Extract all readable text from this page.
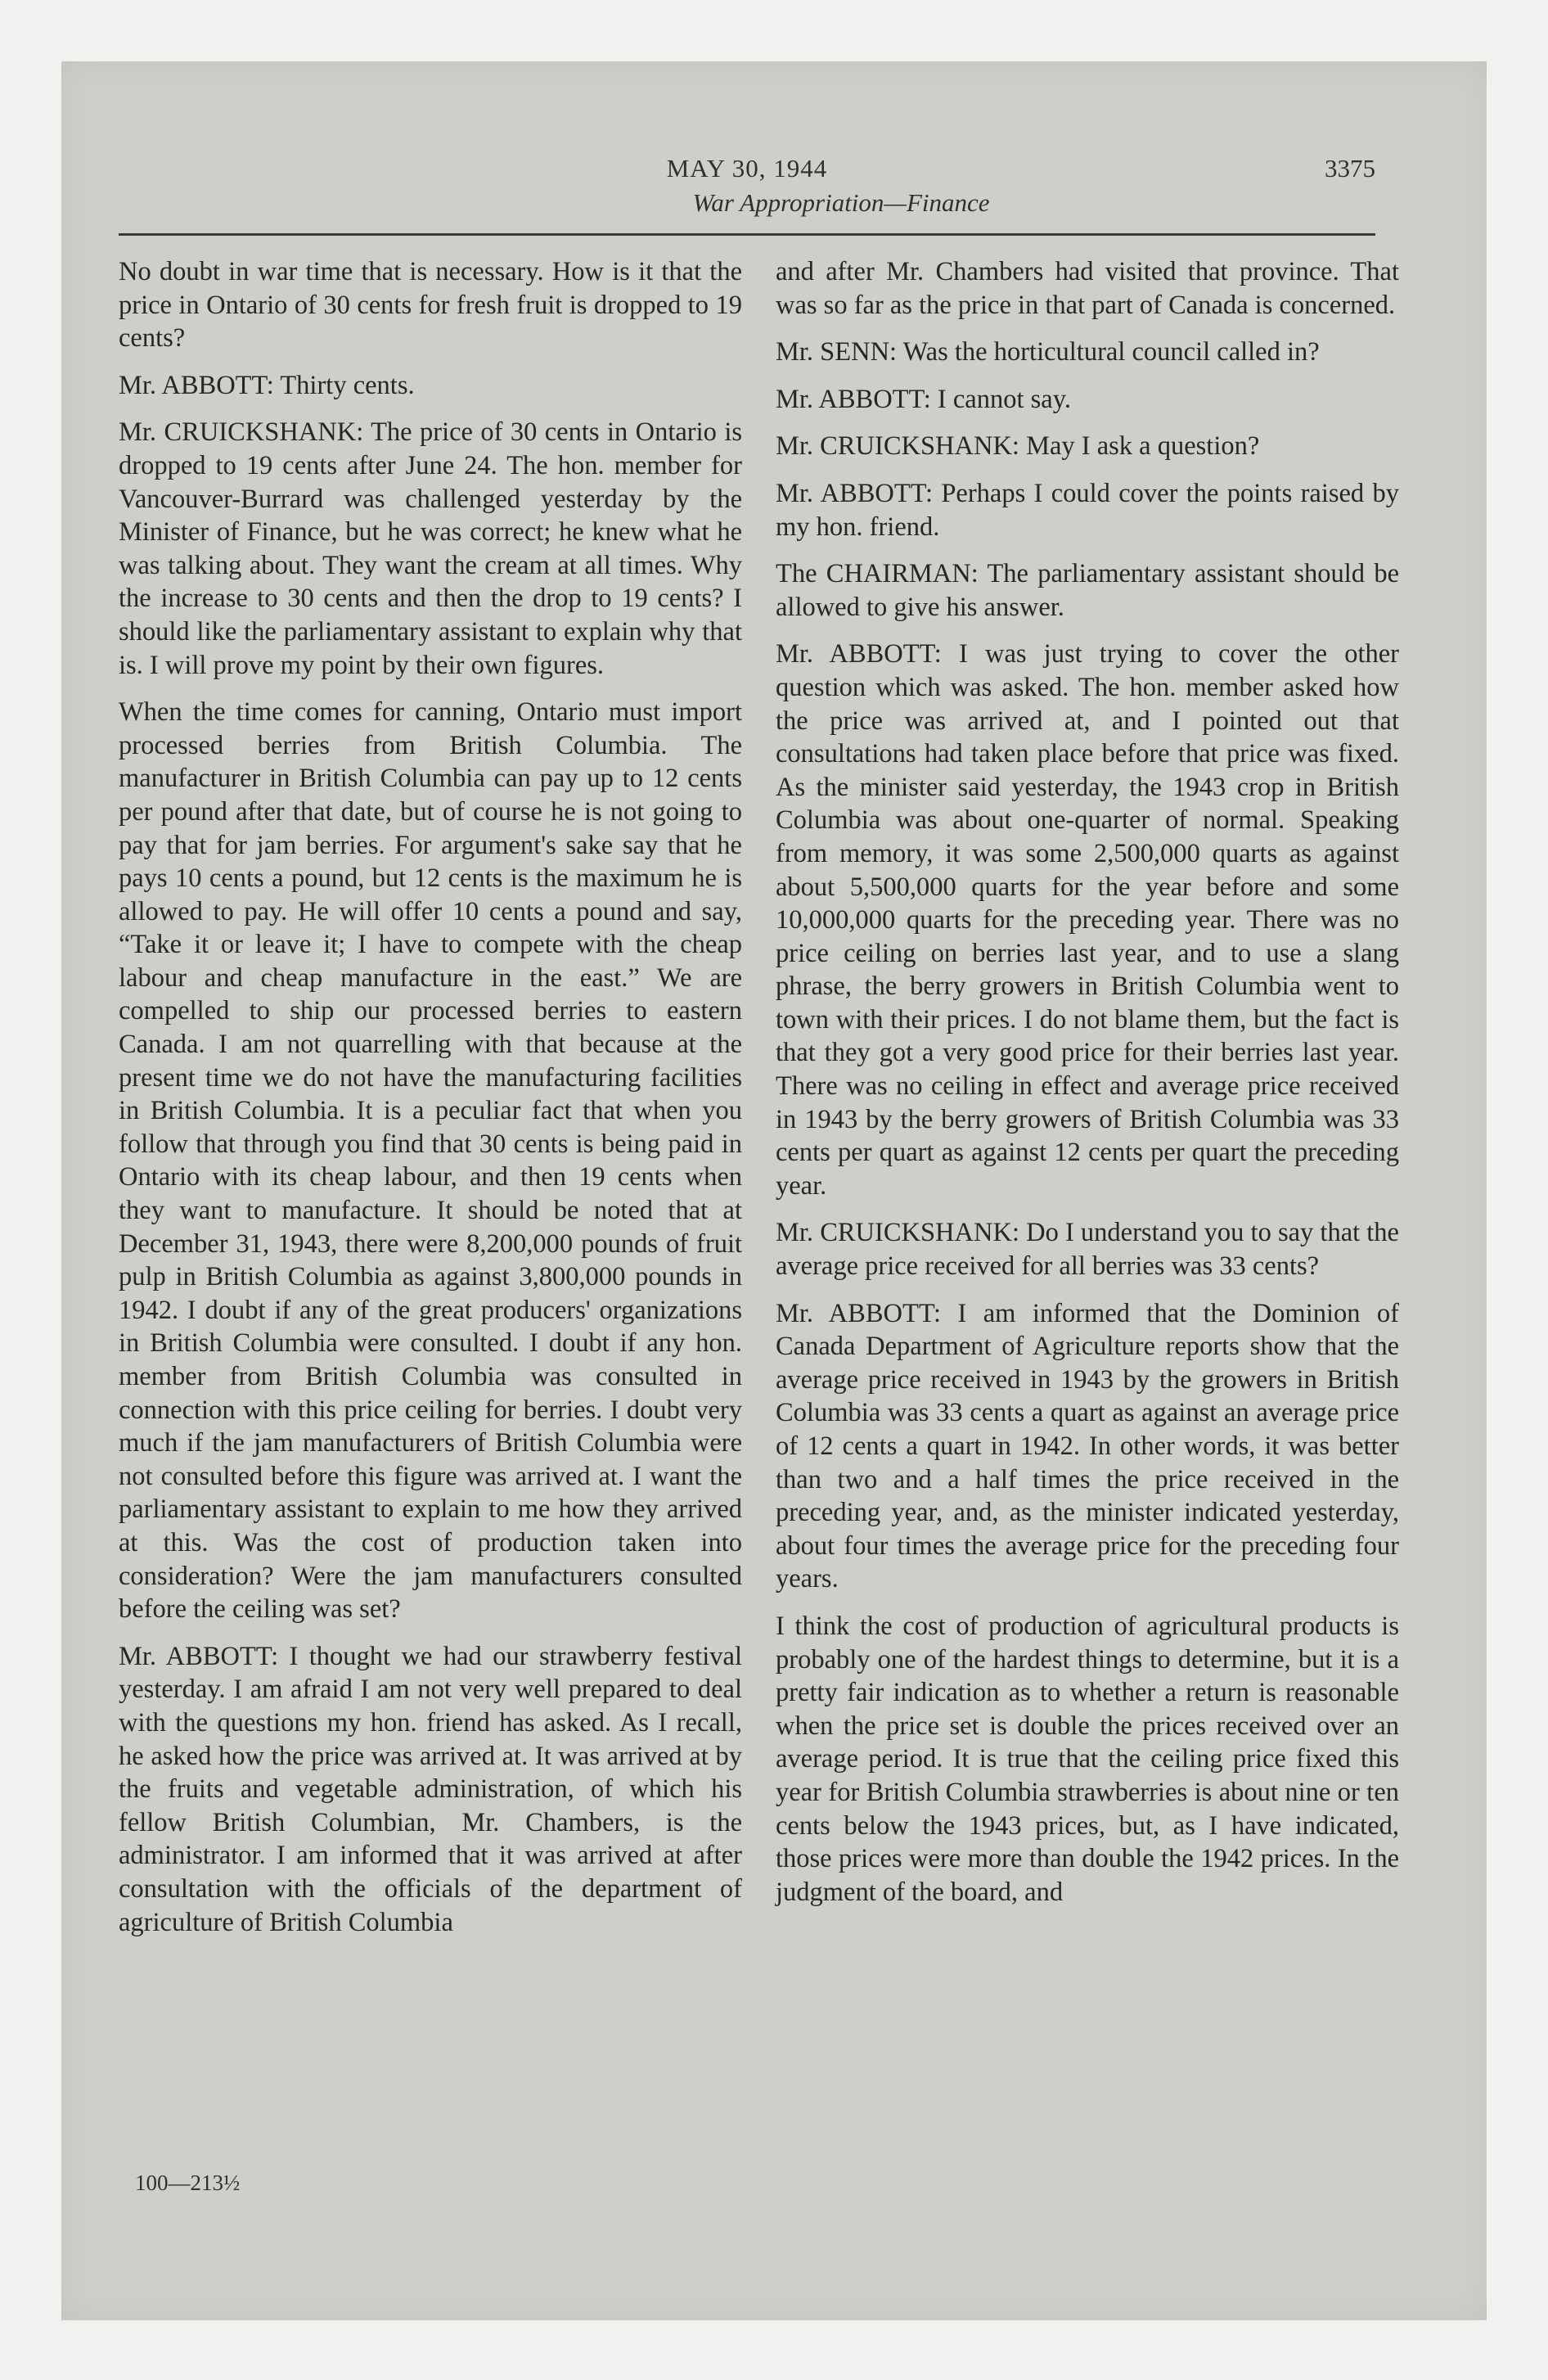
MAY 30, 1944	3375
War Appropriation—Finance

No doubt in war time that is necessary. How is it that the price in Ontario of 30 cents for fresh fruit is dropped to 19 cents?

Mr. ABBOTT: Thirty cents.

Mr. CRUICKSHANK: The price of 30 cents in Ontario is dropped to 19 cents after June 24. The hon. member for Vancouver-Burrard was challenged yesterday by the Minister of Finance, but he was correct; he knew what he was talking about. They want the cream at all times. Why the increase to 30 cents and then the drop to 19 cents? I should like the parliamentary assistant to explain why that is. I will prove my point by their own figures.

When the time comes for canning, Ontario must import processed berries from British Columbia. The manufacturer in British Columbia can pay up to 12 cents per pound after that date, but of course he is not going to pay that for jam berries. For argument's sake say that he pays 10 cents a pound, but 12 cents is the maximum he is allowed to pay. He will offer 10 cents a pound and say, “Take it or leave it; I have to compete with the cheap labour and cheap manufacture in the east.” We are compelled to ship our processed berries to eastern Canada. I am not quarrelling with that because at the present time we do not have the manufacturing facilities in British Columbia. It is a peculiar fact that when you follow that through you find that 30 cents is being paid in Ontario with its cheap labour, and then 19 cents when they want to manufacture. It should be noted that at December 31, 1943, there were 8,200,000 pounds of fruit pulp in British Columbia as against 3,800,000 pounds in 1942. I doubt if any of the great producers' organizations in British Columbia were consulted. I doubt if any hon. member from British Columbia was consulted in connection with this price ceiling for berries. I doubt very much if the jam manufacturers of British Columbia were not consulted before this figure was arrived at. I want the parliamentary assistant to explain to me how they arrived at this. Was the cost of production taken into consideration? Were the jam manufacturers consulted before the ceiling was set?

Mr. ABBOTT: I thought we had our strawberry festival yesterday. I am afraid I am not very well prepared to deal with the questions my hon. friend has asked. As I recall, he asked how the price was arrived at. It was arrived at by the fruits and vegetable administration, of which his fellow British Columbian, Mr. Chambers, is the administrator. I am informed that it was arrived at after consultation with the officials of the department of agriculture of British Columbia

and after Mr. Chambers had visited that province. That was so far as the price in that part of Canada is concerned.

Mr. SENN: Was the horticultural council called in?

Mr. ABBOTT: I cannot say.

Mr. CRUICKSHANK: May I ask a question?

Mr. ABBOTT: Perhaps I could cover the points raised by my hon. friend.

The CHAIRMAN: The parliamentary assistant should be allowed to give his answer.

Mr. ABBOTT: I was just trying to cover the other question which was asked. The hon. member asked how the price was arrived at, and I pointed out that consultations had taken place before that price was fixed. As the minister said yesterday, the 1943 crop in British Columbia was about one-quarter of normal. Speaking from memory, it was some 2,500,000 quarts as against about 5,500,000 quarts for the year before and some 10,000,000 quarts for the preceding year. There was no price ceiling on berries last year, and to use a slang phrase, the berry growers in British Columbia went to town with their prices. I do not blame them, but the fact is that they got a very good price for their berries last year. There was no ceiling in effect and average price received in 1943 by the berry growers of British Columbia was 33 cents per quart as against 12 cents per quart the preceding year.

Mr. CRUICKSHANK: Do I understand you to say that the average price received for all berries was 33 cents?

Mr. ABBOTT: I am informed that the Dominion of Canada Department of Agriculture reports show that the average price received in 1943 by the growers in British Columbia was 33 cents a quart as against an average price of 12 cents a quart in 1942. In other words, it was better than two and a half times the price received in the preceding year, and, as the minister indicated yesterday, about four times the average price for the preceding four years.

I think the cost of production of agricultural products is probably one of the hardest things to determine, but it is a pretty fair indication as to whether a return is reasonable when the price set is double the prices received over an average period. It is true that the ceiling price fixed this year for British Columbia strawberries is about nine or ten cents below the 1943 prices, but, as I have indicated, those prices were more than double the 1942 prices. In the judgment of the board, and

100—213½
